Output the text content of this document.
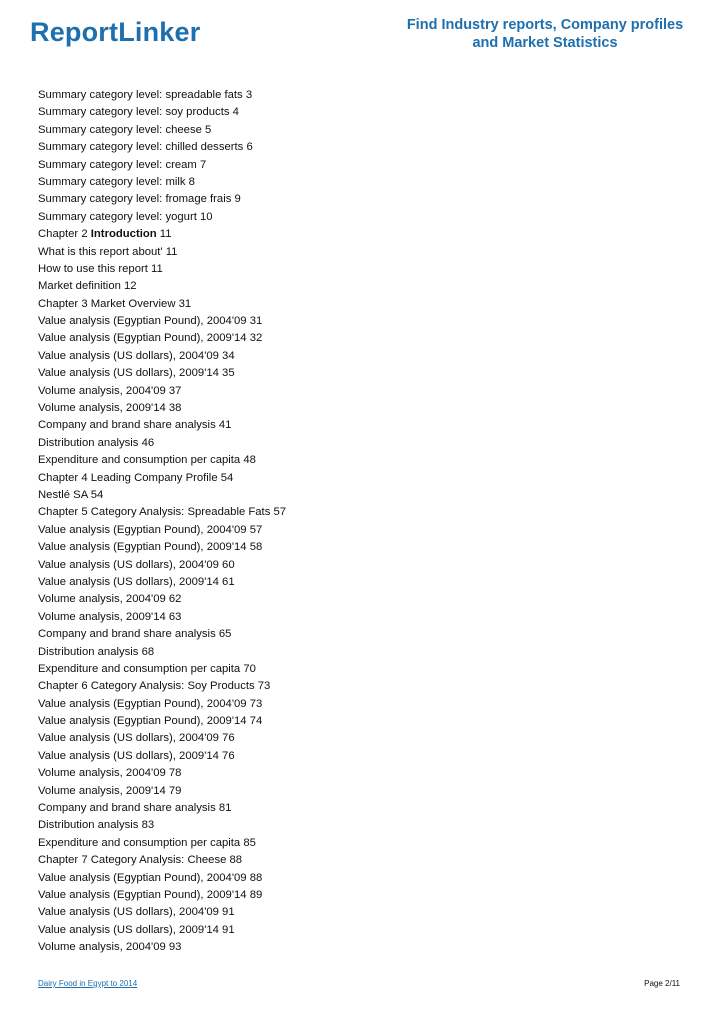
ReportLinker	Find Industry reports, Company profiles
and Market Statistics
Summary category level: spreadable fats 3
Summary category level: soy products 4
Summary category level: cheese 5
Summary category level: chilled desserts 6
Summary category level: cream 7
Summary category level: milk 8
Summary category level: fromage frais 9
Summary category level: yogurt 10
Chapter 2 Introduction 11
What is this report about' 11
How to use this report 11
Market definition 12
Chapter 3 Market Overview 31
Value analysis (Egyptian Pound), 2004'09 31
Value analysis (Egyptian Pound), 2009'14 32
Value analysis (US dollars), 2004'09 34
Value analysis (US dollars), 2009'14 35
Volume analysis, 2004'09 37
Volume analysis, 2009'14 38
Company and brand share analysis 41
Distribution analysis 46
Expenditure and consumption per capita 48
Chapter 4 Leading Company Profile 54
Nestlé SA 54
Chapter 5 Category Analysis: Spreadable Fats 57
Value analysis (Egyptian Pound), 2004'09 57
Value analysis (Egyptian Pound), 2009'14 58
Value analysis (US dollars), 2004'09 60
Value analysis (US dollars), 2009'14 61
Volume analysis, 2004'09 62
Volume analysis, 2009'14 63
Company and brand share analysis 65
Distribution analysis 68
Expenditure and consumption per capita 70
Chapter 6 Category Analysis: Soy Products 73
Value analysis (Egyptian Pound), 2004'09 73
Value analysis (Egyptian Pound), 2009'14 74
Value analysis (US dollars), 2004'09 76
Value analysis (US dollars), 2009'14 76
Volume analysis, 2004'09 78
Volume analysis, 2009'14 79
Company and brand share analysis 81
Distribution analysis 83
Expenditure and consumption per capita 85
Chapter 7 Category Analysis: Cheese 88
Value analysis (Egyptian Pound), 2004'09 88
Value analysis (Egyptian Pound), 2009'14 89
Value analysis (US dollars), 2004'09 91
Value analysis (US dollars), 2009'14 91
Volume analysis, 2004'09 93
Dairy Food in Egypt to 2014	Page 2/11
